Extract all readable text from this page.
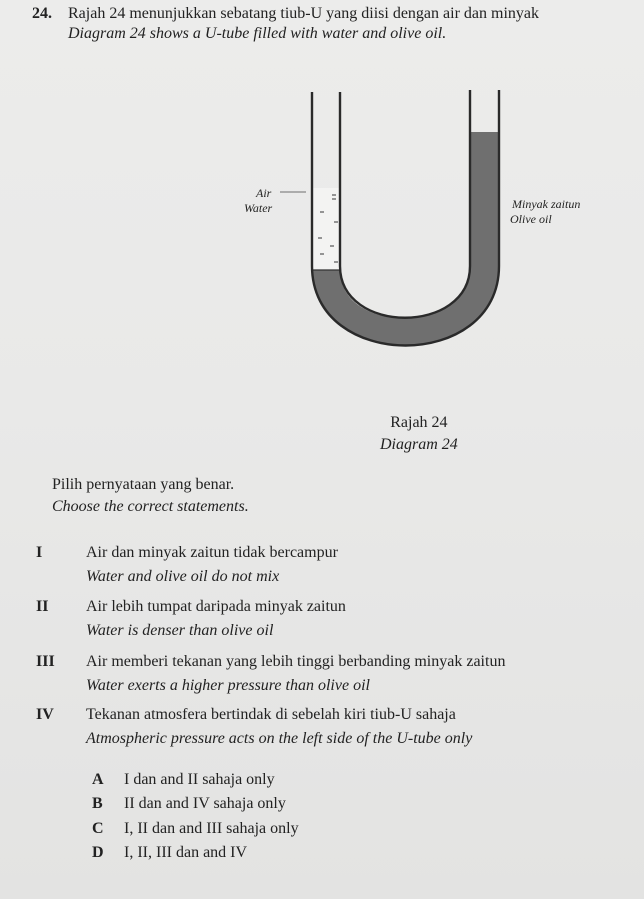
24. Rajah 24 menunjukkan sebatang tiub-U yang diisi dengan air dan minyak
Diagram 24 shows a U-tube filled with water and olive oil.
Air
Water	Minyak zaitun
Olive oil
Rajah 24
Diagram 24
Pilih pernyataan yang benar.
Choose the correct statements.
I	Air dan minyak zaitun tidak bercampur
Water and olive oil do not mix
II	Air lebih tumpat daripada minyak zaitun
Water is denser than olive oil
III	Air memberi tekanan yang lebih tinggi berbanding minyak zaitun
Water exerts a higher pressure than olive oil
IV	Tekanan atmosfera bertindak di sebelah kiri tiub-U sahaja
Atmospheric pressure acts on the left side of the U-tube only
A I dan and II sahaja only
B II dan and IV sahaja only
C I, II dan and III sahaja only
D I, II, III dan and IV
